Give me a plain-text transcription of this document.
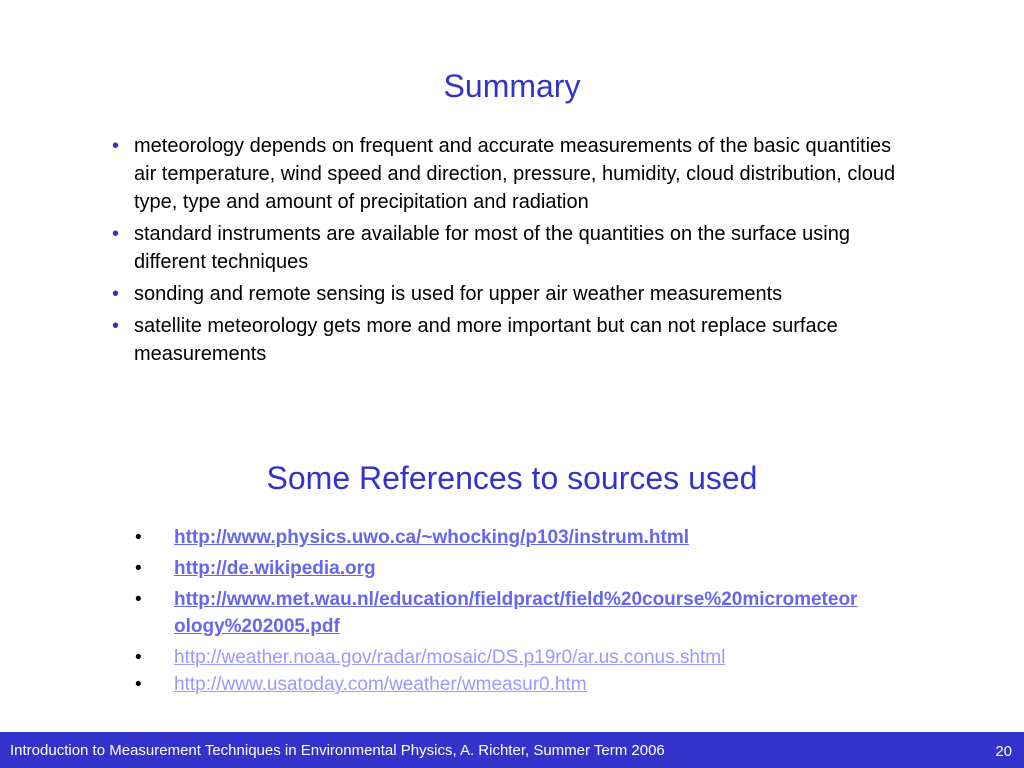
Summary
• meteorology depends on frequent and accurate measurements of the basic quantities air temperature, wind speed and direction, pressure, humidity, cloud distribution, cloud type, type and amount of precipitation and radiation
• standard instruments are available for most of the quantities on the surface using different techniques
• sonding and remote sensing is used for upper air weather measurements
• satellite meteorology gets more and more important but can not replace surface measurements
Some References to sources used
• http://www.physics.uwo.ca/~whocking/p103/instrum.html
• http://de.wikipedia.org
• http://www.met.wau.nl/education/fieldpract/field%20course%20micrometeorology%202005.pdf
• http://weather.noaa.gov/radar/mosaic/DS.p19r0/ar.us.conus.shtml
• http://www.usatoday.com/weather/wmeasur0.htm
Introduction to Measurement Techniques in Environmental Physics, A. Richter, Summer Term 2006	20
